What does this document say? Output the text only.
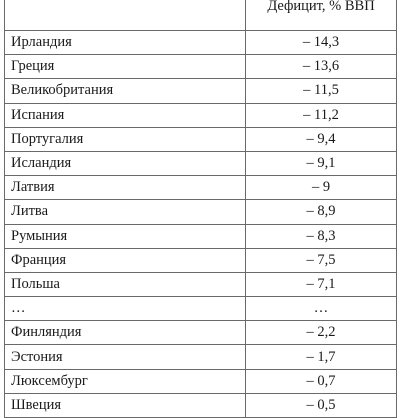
	Дефицит, % ВВП
Ирландия	– 14,3
Греция	– 13,6
Великобритания	– 11,5
Испания	– 11,2
Португалия	– 9,4
Исландия	– 9,1
Латвия	– 9
Литва	– 8,9
Румыния	– 8,3
Франция	– 7,5
Польша	– 7,1
…	…
Финляндия	– 2,2
Эстония	– 1,7
Люксембург	– 0,7
Швеция	– 0,5
